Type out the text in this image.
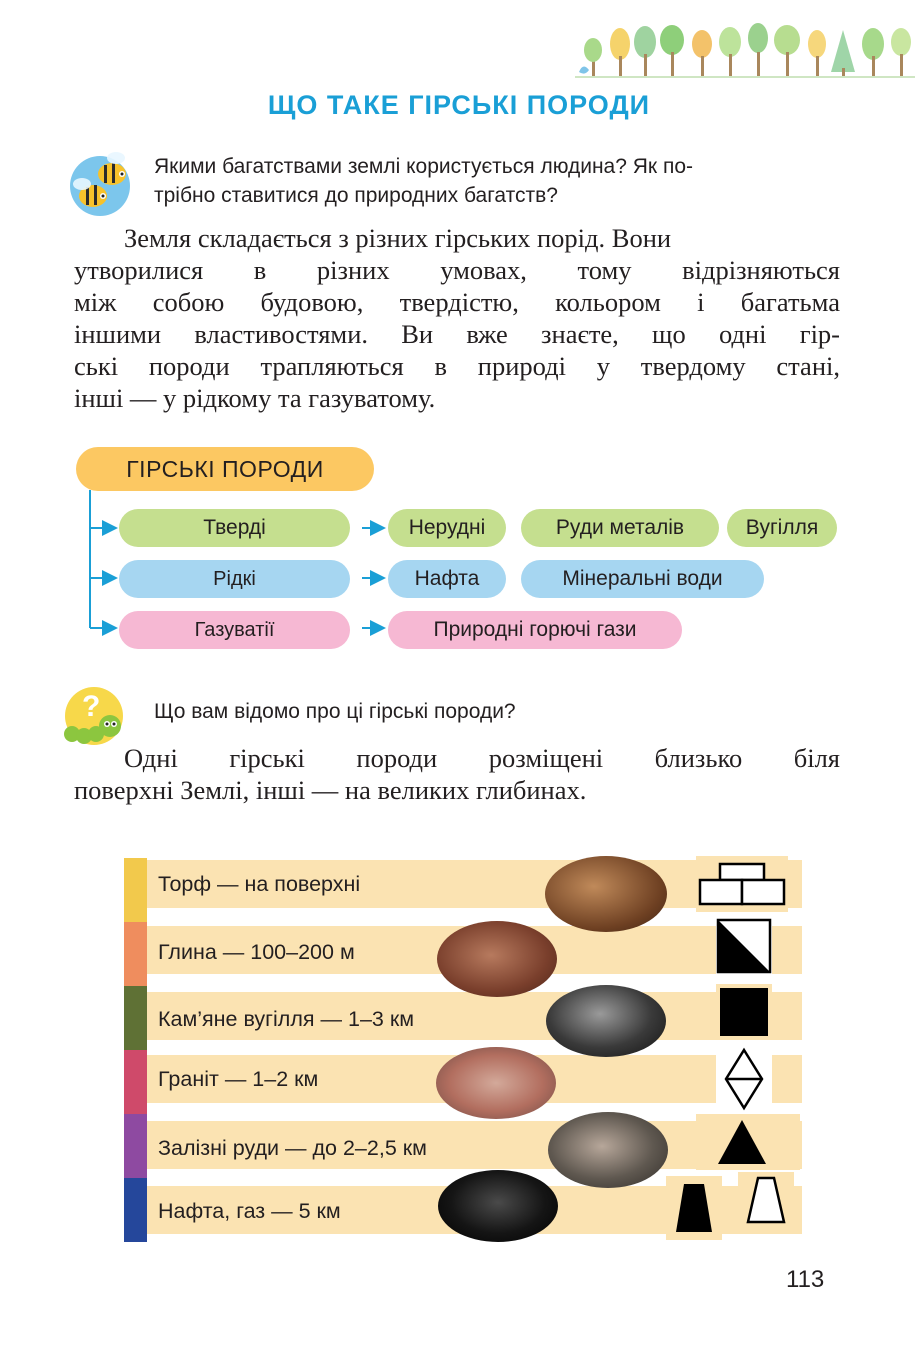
ЩО ТАКЕ ГІРСЬКІ ПОРОДИ
Якими багатствами землі користується людина? Як по-
трібно ставитися до природних багатств?

Земля складається з різних гірських порід. Вони

утворилися в різних умовах, тому відрізняються

між собою будовою, твердістю, кольором і багатьма

іншими властивостями. Ви вже знаєте, що одні гір-

ські породи трапляються в природі у твердому стані,

інші — у рідкому та газуватому.

ГІРСЬКІ ПОРОДИ
Тверді	Нерудні	Руди металів	Вугілля
Рідкі	Нафта	Мінеральні води
Газуватії	Природні горючі гази
?	Що вам відомо про ці гірські породи?

Одні гірські породи розміщені близько біля

поверхні Землі, інші — на великих глибинах.

Торф — на поверхні
Глина — 100–200 м
Кам’яне вугілля — 1–3 км
Граніт — 1–2 км
Залізні руди — до 2–2,5 км
Нафта, газ — 5 км
113
